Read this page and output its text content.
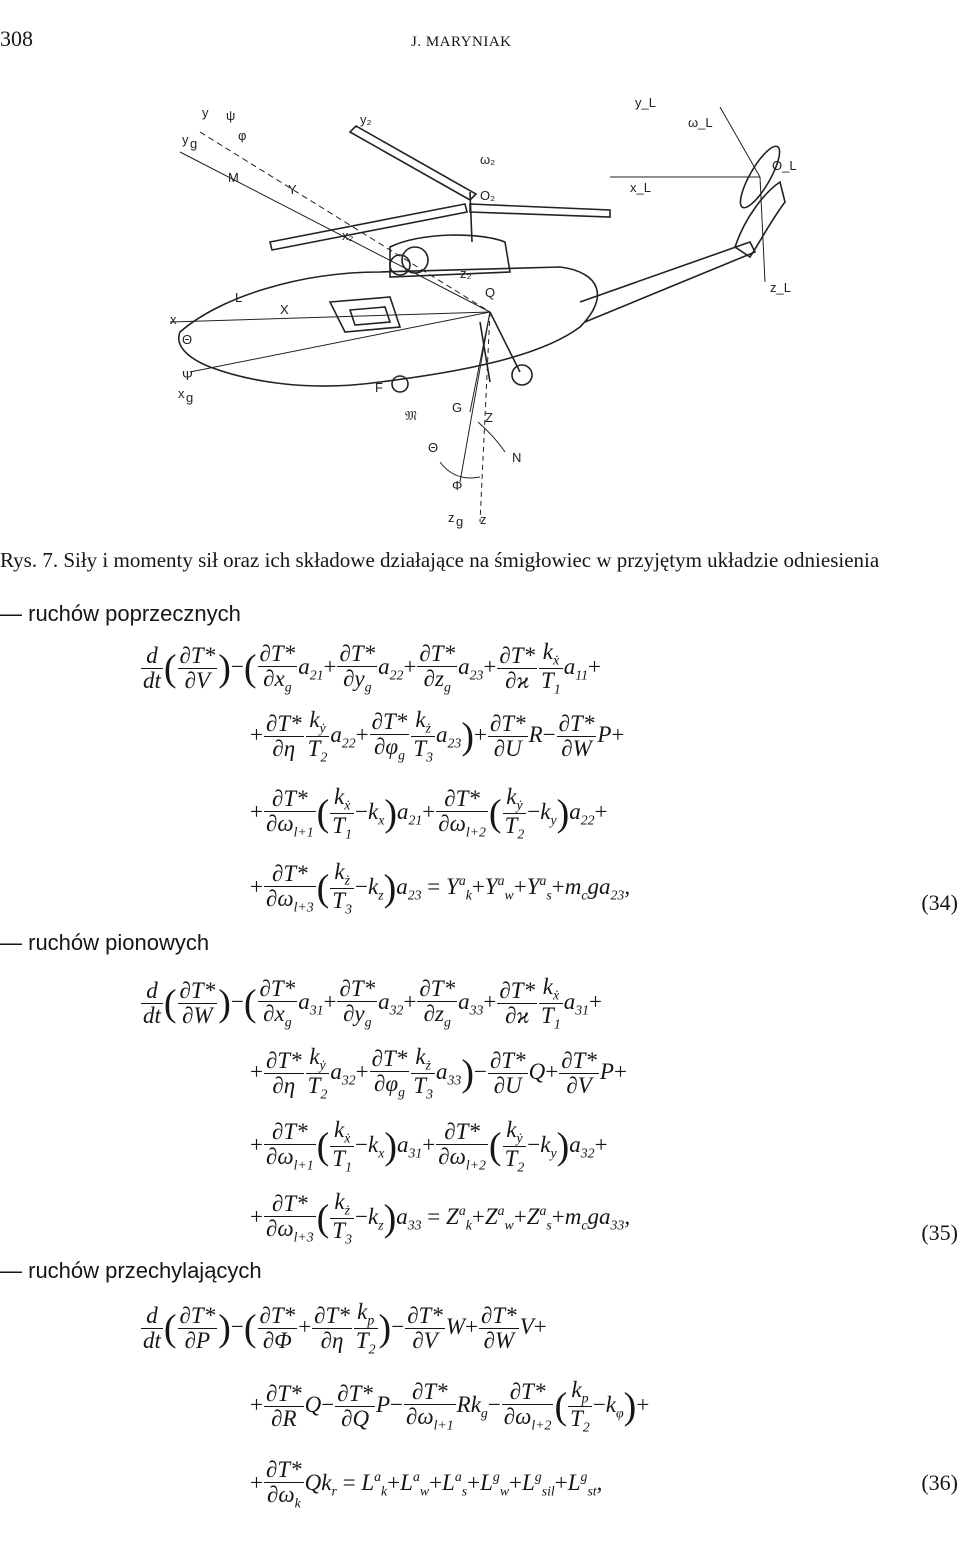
308	J. MARYNIAK
y ψ
y g
M
φ
Y
y₂
ω₂
O₂
x₂
z₂
Q
L
X
x
Θ
Ψ
x g
F
𝔐
G
Z
N
Θ
Φ
z g z
y_L
ω_L
x_L
O_L
z_L
Rys. 7. Siły i momenty sił oraz ich składowe działające na śmigłowiec w przyjętym układzie odniesienia
— ruchów poprzecznych
$\frac{d}{dt}$ ( $\frac{\partial T*}{\partial V}$ )−( $\frac{\partial T*}{\partial x_g} a_{21}+ \frac{\partial T*}{\partial y_g} a_{22}+ \frac{\partial T*}{\partial z_g} a_{23}+ \frac{\partial T*}{\partial ϰ} \frac{k_ẋ}{T_1} a_{11}+$
+ $\frac{\partial T*}{\partial\eta} \frac{k_ẏ}{T_2} a_{22}+ \frac{\partial T*}{\partial\varphi_g} \frac{k_ż}{T_3} a_{23})+ \frac{\partial T*}{\partial U} R- \frac{\partial T*}{\partial W} P+$
+ $\frac{\partial T*}{\partial\omega_{l+1}}$ ( $\frac{k_ẋ}{T_1} -k_x)a_{21}+ \frac{\partial T*}{\partial\omega_{l+2}}$ ( $\frac{k_ẏ}{T_2} -k_y)a_{22}+$
+ $\frac{\partial T*}{\partial\omega_{l+3}}$ ( $\frac{k_ż}{T_3} -k_z)a_{23} = Y^a_k+Y^a_w+Y^a_s+m_cga_{23}$,
(34)
— ruchów pionowych
$\frac{d}{dt}$ ( $\frac{\partial T*}{\partial W}$ )−( $\frac{\partial T*}{\partial x_g} a_{31}+ \frac{\partial T*}{\partial y_g} a_{32}+ \frac{\partial T*}{\partial z_g} a_{33}+ \frac{\partial T*}{\partial ϰ} \frac{k_ẋ}{T_1} a_{31}+$
+ $\frac{\partial T*}{\partial\eta} \frac{k_ẏ}{T_2} a_{32}+ \frac{\partial T*}{\partial\varphi_g} \frac{k_ż}{T_3} a_{33})- \frac{\partial T*}{\partial U} Q+ \frac{\partial T*}{\partial V} P+$
+ $\frac{\partial T*}{\partial\omega_{l+1}}$ ( $\frac{k_ẋ}{T_1} -k_x)a_{31}+ \frac{\partial T*}{\partial\omega_{l+2}}$ ( $\frac{k_ẏ}{T_2} -k_y)a_{32}+$
+ $\frac{\partial T*}{\partial\omega_{l+3}}$ ( $\frac{k_ż}{T_3} -k_z)a_{33} = Z^a_k+Z^a_w+Z^a_s+m_cga_{33}$,
(35)
— ruchów przechylających
$\frac{d}{dt}$ ( $\frac{\partial T*}{\partial P}$ )−( $\frac{\partial T*}{\partial\Phi} + \frac{\partial T*}{\partial\eta} \frac{k_p}{T_2}$ )− $\frac{\partial T*}{\partial V} W+ \frac{\partial T*}{\partial W} V+$
+ $\frac{\partial T*}{\partial R} Q- \frac{\partial T*}{\partial Q} P- \frac{\partial T*}{\partial\omega_{l+1}} Rk_g- \frac{\partial T*}{\partial\omega_{l+2}}$ ( $\frac{k_p}{T_2} -k_\varphi)+$
+ $\frac{\partial T*}{\partial\omega_k} Qk_r = L^a_k+L^a_w+L^a_s+L^g_w+L^g_{sil}+L^g_{st}$,	(36)
